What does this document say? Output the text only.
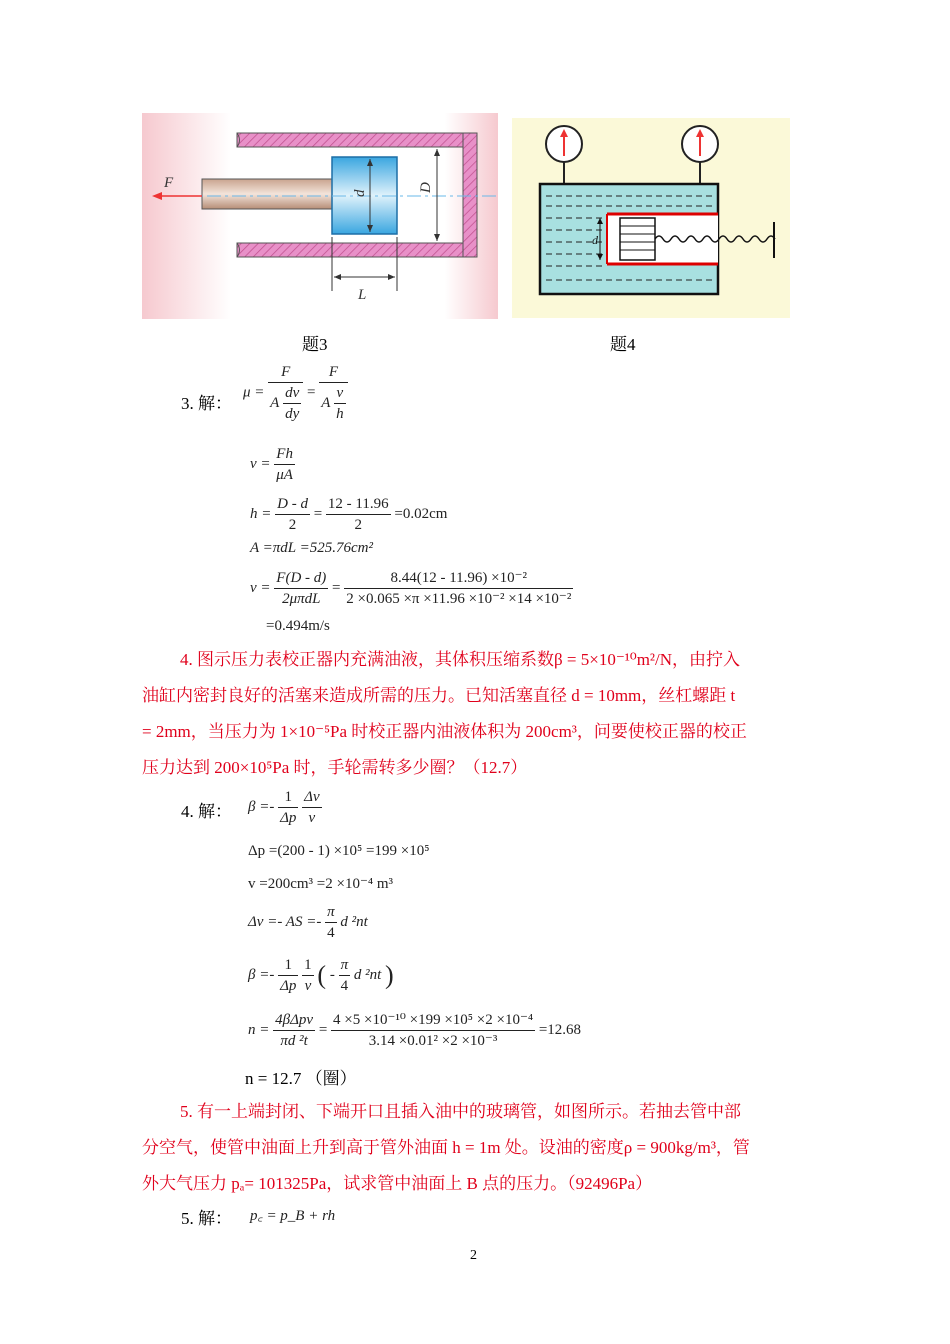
F
d
D
L
d
题3	题4
3. 解：
$\mu = \frac{F}{A \frac{dv}{dy}} = \frac{F}{A \frac{v}{h}}$
$v = \frac{Fh}{\mu A}$
$h = \frac{D - d}{2} = \frac{12 - 11.96}{2} =0.02cm$
A =πdL =525.76cm²
$v = \frac{F(D - d)}{\text{2μπdL}} = \frac{\text{8.44(12 - 11.96) ×10⁻²}}{\text{2 ×0.065 ×π ×11.96 ×10⁻² ×14 ×10⁻²}}$
=0.494m/s
4. 图示压力表校正器内充满油液，其体积压缩系数β = 5×10⁻¹⁰m²/N，由拧入
油缸内密封良好的活塞来造成所需的压力。已知活塞直径 d = 10mm，丝杠螺距 t
= 2mm，当压力为 1×10⁻⁵Pa 时校正器内油液体积为 200cm³，问要使校正器的校正
压力达到 200×10⁵Pa 时，手轮需转多少圈？（12.7）
4. 解： $\beta =- \frac{1}{\Delta p}$
$\frac{\Delta v}{v}$
Δp =(200 - 1) ×10⁵ =199 ×10⁵
v =200cm³ =2 ×10⁻⁴ m³
Δv =- AS =- $\frac{\pi}{4}$ d ²nt
$\beta =- \frac{1}{\Delta p}$
$\frac{1}{v}$ ( - $\frac{\pi}{4}$ d ²nt )
$n = \frac{\text{4βΔpv}}{\text{πd ²t}} = \frac{\text{4 ×5 ×10⁻¹⁰ ×199 ×10⁵ ×2 ×10⁻⁴}}{\text{3.14 ×0.01² ×2 ×10⁻³}} =12.68$
n = 12.7 （圈）
5. 有一上端封闭、下端开口且插入油中的玻璃管，如图所示。若抽去管中部
分空气，使管中油面上升到高于管外油面 h = 1m 处。设油的密度ρ = 900kg/m³，管
外大气压力 pₐ= 101325Pa，试求管中油面上 B 点的压力。（92496Pa）
5. 解： p꜀ = p_B + rh
2
